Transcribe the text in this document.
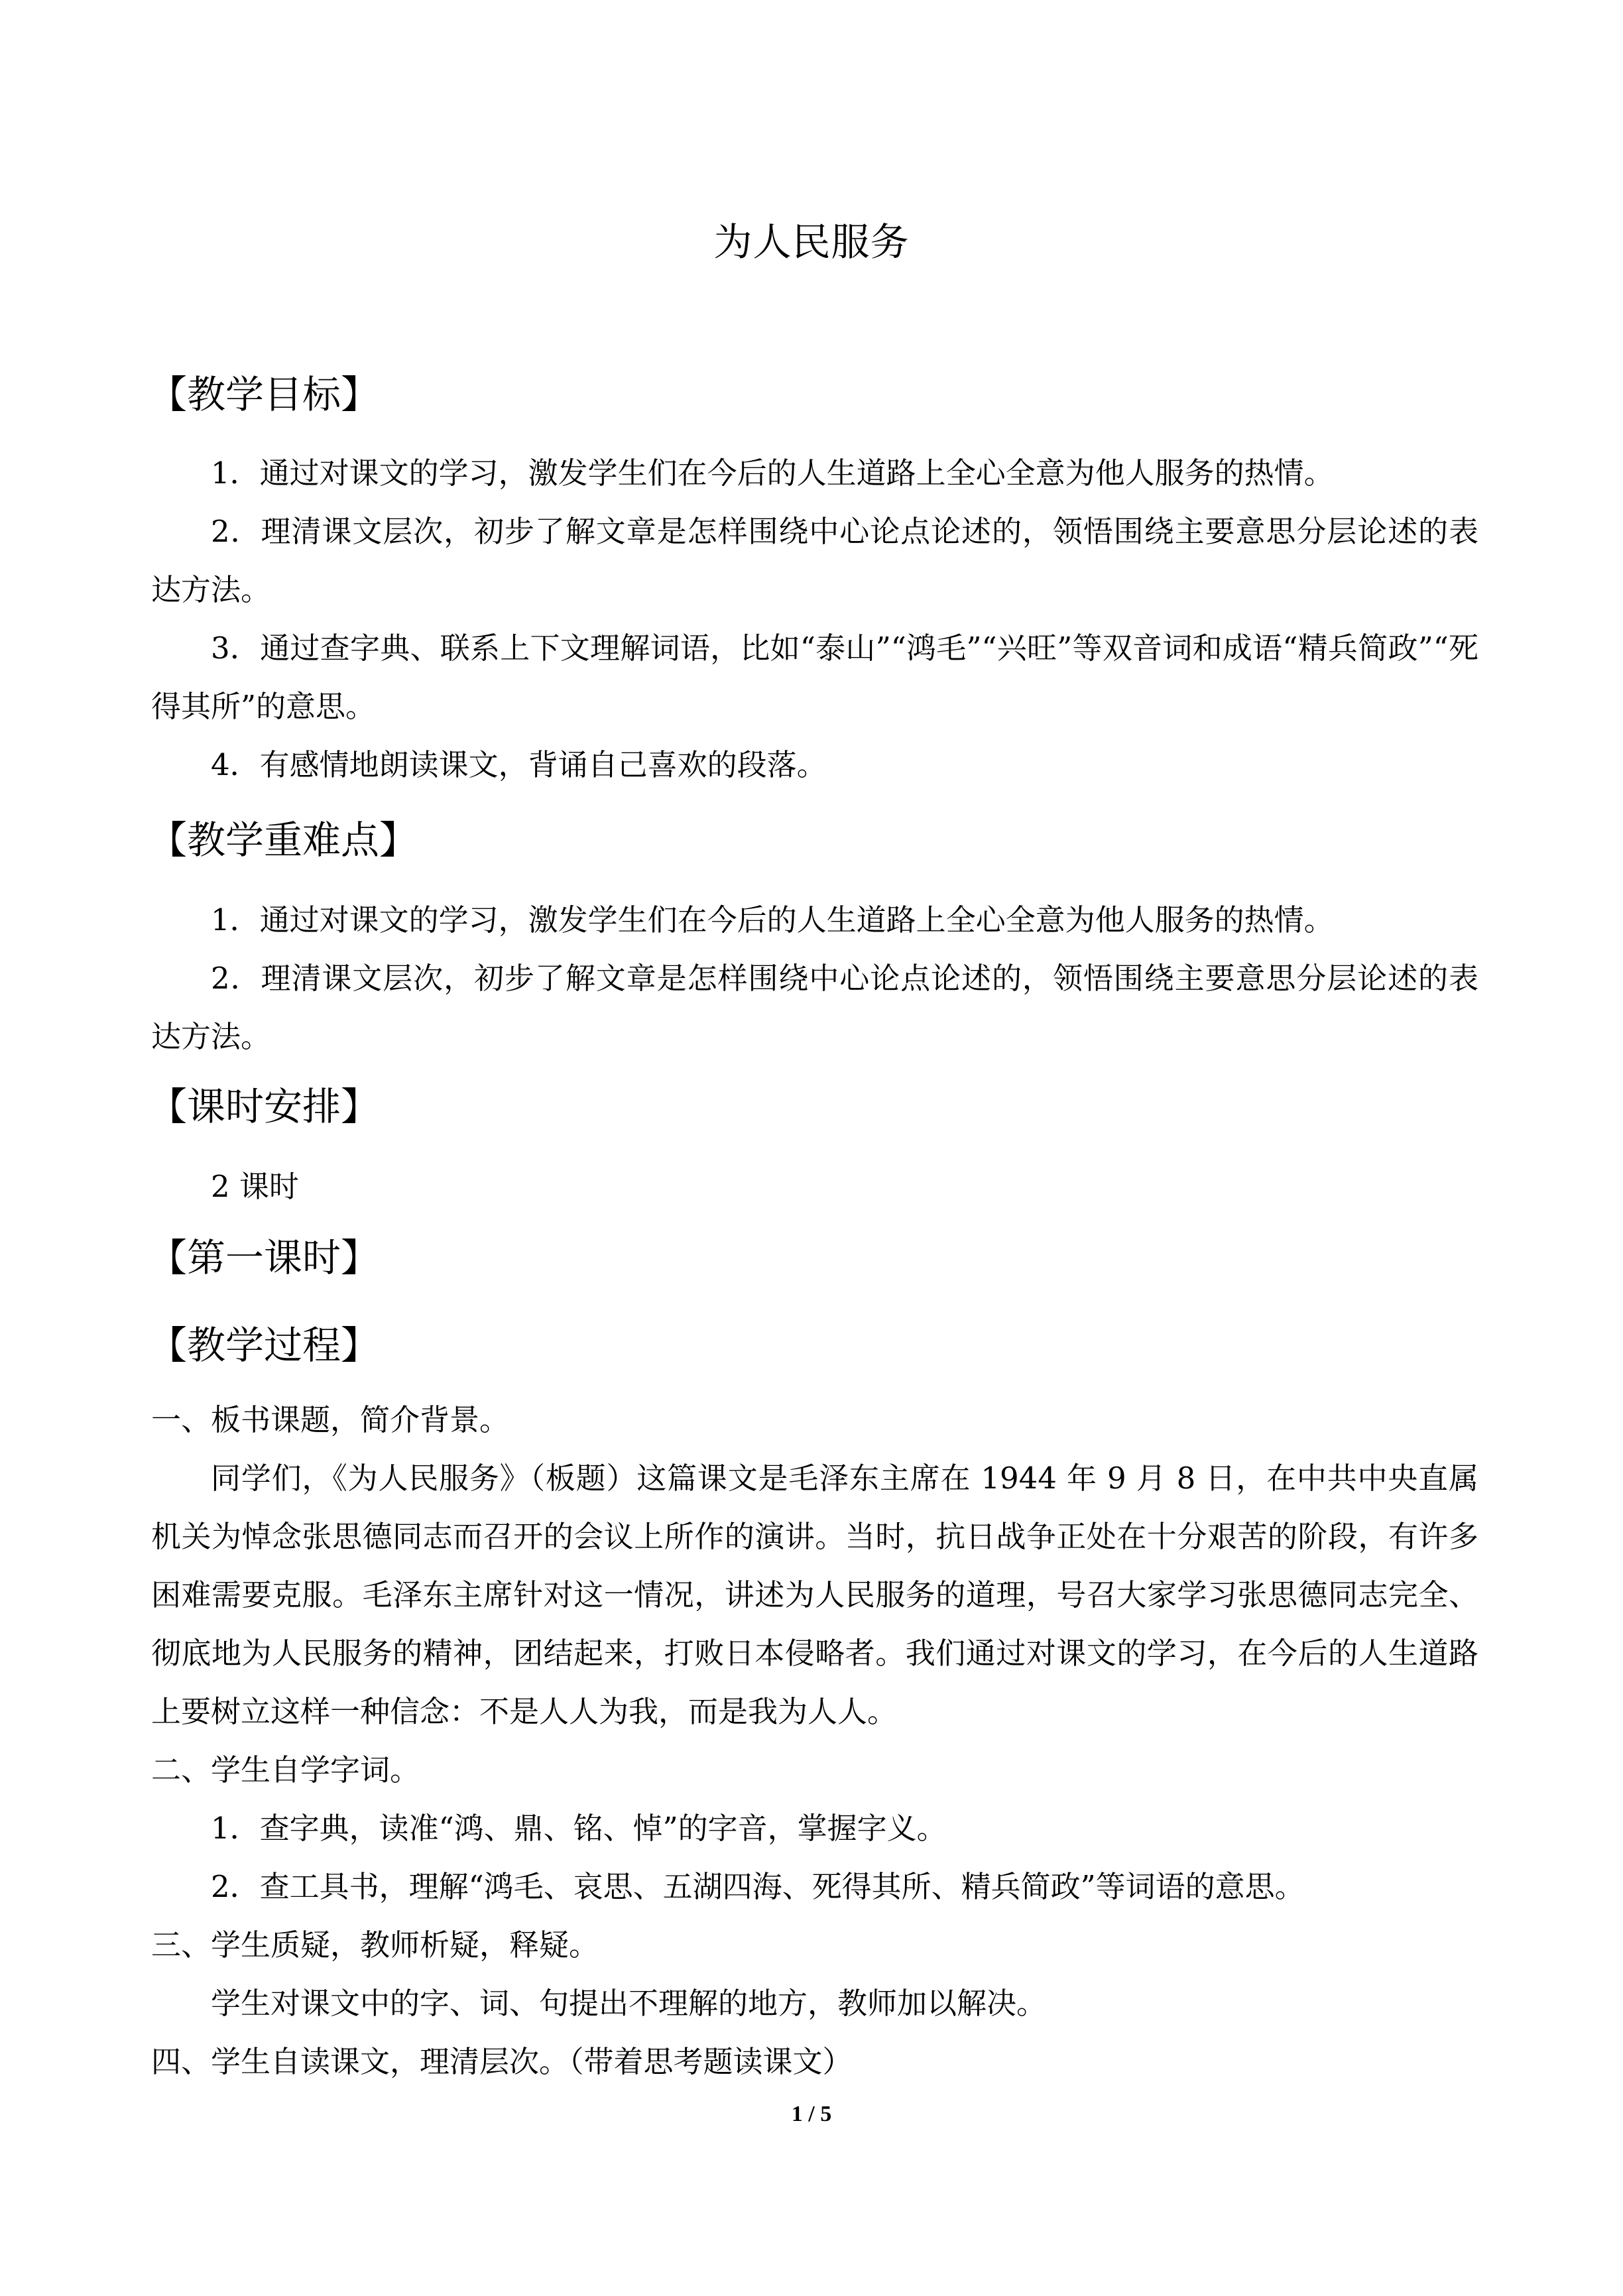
为人民服务
【教学目标】

1．通过对课文的学习，激发学生们在今后的人生道路上全心全意为他人服务的热情。

2．理清课文层次，初步了解文章是怎样围绕中心论点论述的，领悟围绕主要意思分层论述的表达方法。

3．通过查字典、联系上下文理解词语，比如“泰山”“鸿毛”“兴旺”等双音词和成语“精兵简政”“死得其所”的意思。

4．有感情地朗读课文，背诵自己喜欢的段落。

【教学重难点】

1．通过对课文的学习，激发学生们在今后的人生道路上全心全意为他人服务的热情。

2．理清课文层次，初步了解文章是怎样围绕中心论点论述的，领悟围绕主要意思分层论述的表达方法。

【课时安排】

2 课时

【第一课时】
【教学过程】

一、板书课题，简介背景。

同学们，《为人民服务》（板题）这篇课文是毛泽东主席在 1944 年 9 月 8 日，在中共中央直属机关为悼念张思德同志而召开的会议上所作的演讲。当时，抗日战争正处在十分艰苦的阶段，有许多困难需要克服。毛泽东主席针对这一情况，讲述为人民服务的道理，号召大家学习张思德同志完全、彻底地为人民服务的精神，团结起来，打败日本侵略者。我们通过对课文的学习，在今后的人生道路上要树立这样一种信念：不是人人为我，而是我为人人。

二、学生自学字词。

1．查字典，读准“鸿、鼎、铭、悼”的字音，掌握字义。

2．查工具书，理解“鸿毛、哀思、五湖四海、死得其所、精兵简政”等词语的意思。

三、学生质疑，教师析疑，释疑。

学生对课文中的字、词、句提出不理解的地方，教师加以解决。

四、学生自读课文，理清层次。（带着思考题读课文）

1 / 5
